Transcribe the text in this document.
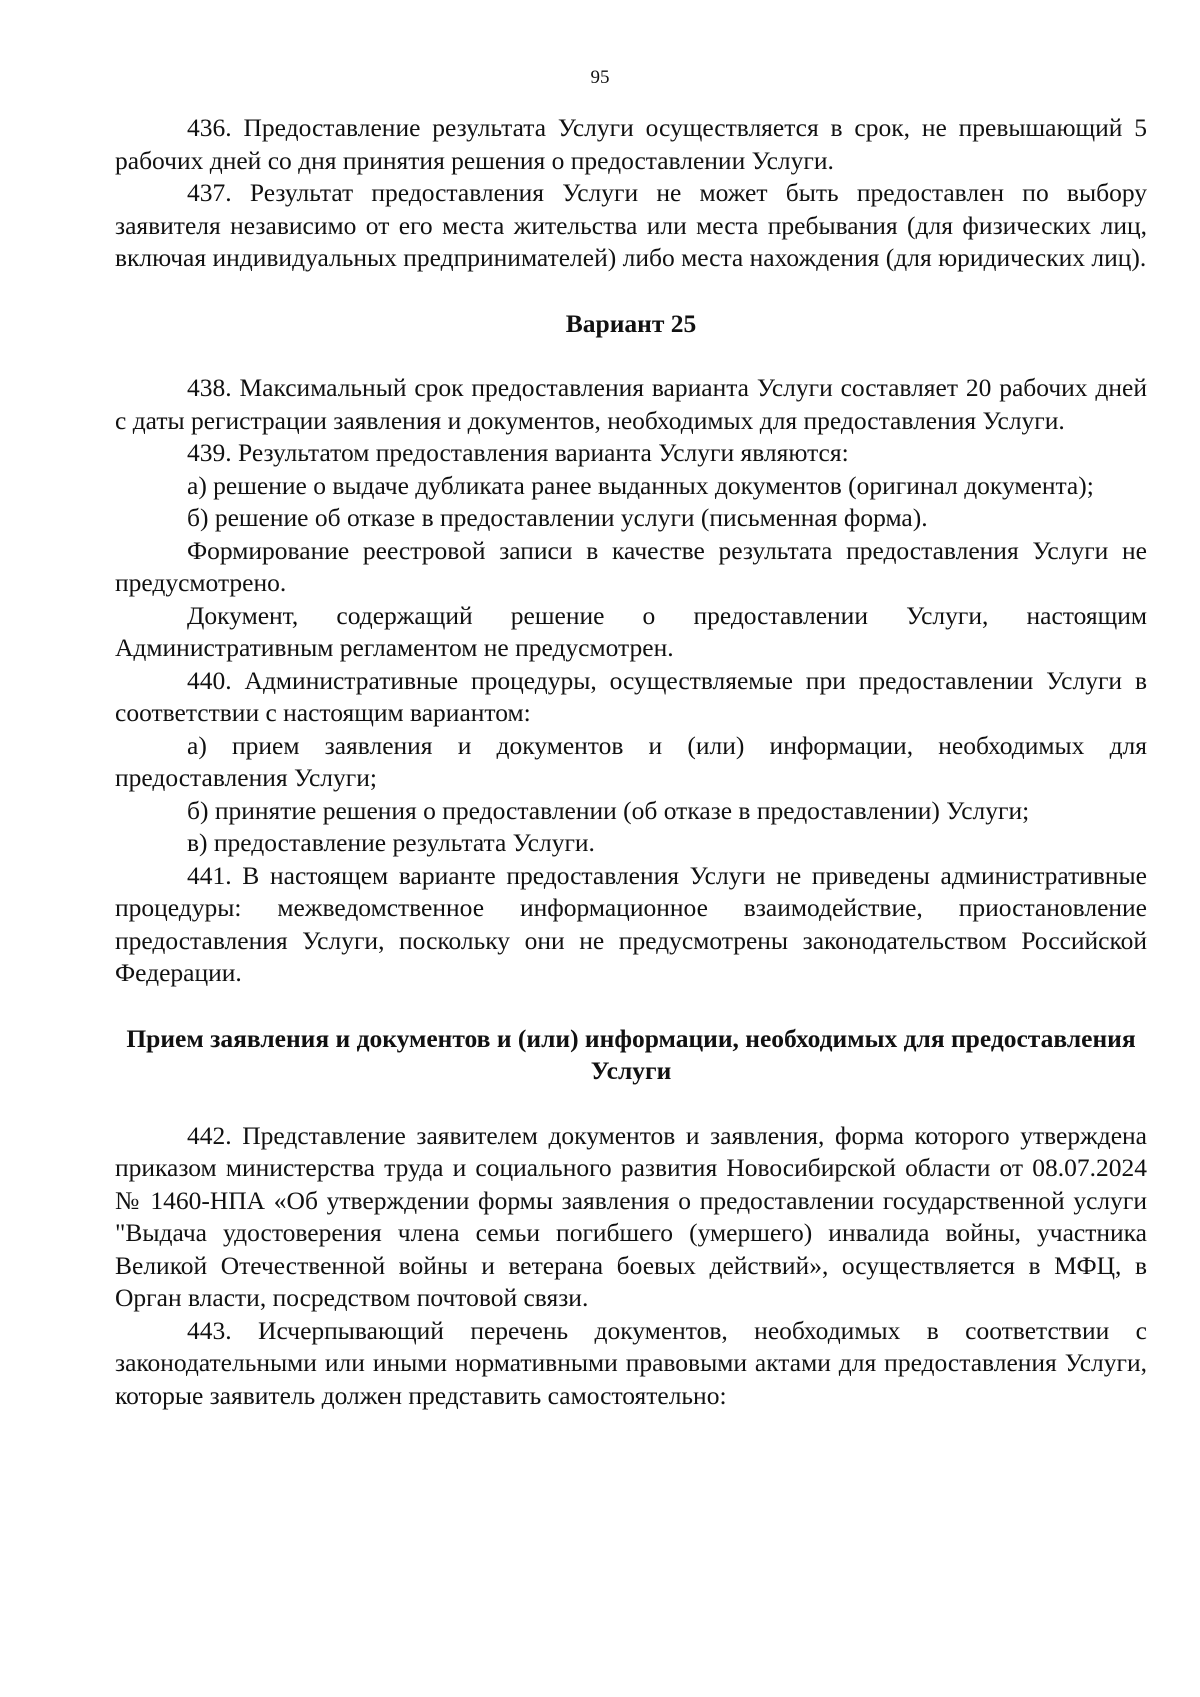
95

436. Предоставление результата Услуги осуществляется в срок, не превышающий 5 рабочих дней со дня принятия решения о предоставлении Услуги.

437. Результат предоставления Услуги не может быть предоставлен по выбору заявителя независимо от его места жительства или места пребывания (для физических лиц, включая индивидуальных предпринимателей) либо места нахождения (для юридических лиц).

Вариант 25

438. Максимальный срок предоставления варианта Услуги составляет 20 рабочих дней с даты регистрации заявления и документов, необходимых для предоставления Услуги.

439. Результатом предоставления варианта Услуги являются:

а) решение о выдаче дубликата ранее выданных документов (оригинал документа);

б) решение об отказе в предоставлении услуги (письменная форма).

Формирование реестровой записи в качестве результата предоставления Услуги не предусмотрено.

Документ, содержащий решение о предоставлении Услуги, настоящим Административным регламентом не предусмотрен.

440. Административные процедуры, осуществляемые при предоставлении Услуги в соответствии с настоящим вариантом:

а) прием заявления и документов и (или) информации, необходимых для предоставления Услуги;

б) принятие решения о предоставлении (об отказе в предоставлении) Услуги;

в) предоставление результата Услуги.

441. В настоящем варианте предоставления Услуги не приведены административные процедуры: межведомственное информационное взаимодействие, приостановление предоставления Услуги, поскольку они не предусмотрены законодательством Российской Федерации.

Прием заявления и документов и (или) информации, необходимых для предоставления Услуги

442. Представление заявителем документов и заявления, форма которого утверждена приказом министерства труда и социального развития Новосибирской области от 08.07.2024 № 1460-НПА «Об утверждении формы заявления о предоставлении государственной услуги "Выдача удостоверения члена семьи погибшего (умершего) инвалида войны, участника Великой Отечественной войны и ветерана боевых действий», осуществляется в МФЦ, в Орган власти, посредством почтовой связи.

443. Исчерпывающий перечень документов, необходимых в соответствии с законодательными или иными нормативными правовыми актами для предоставления Услуги, которые заявитель должен представить самостоятельно:
